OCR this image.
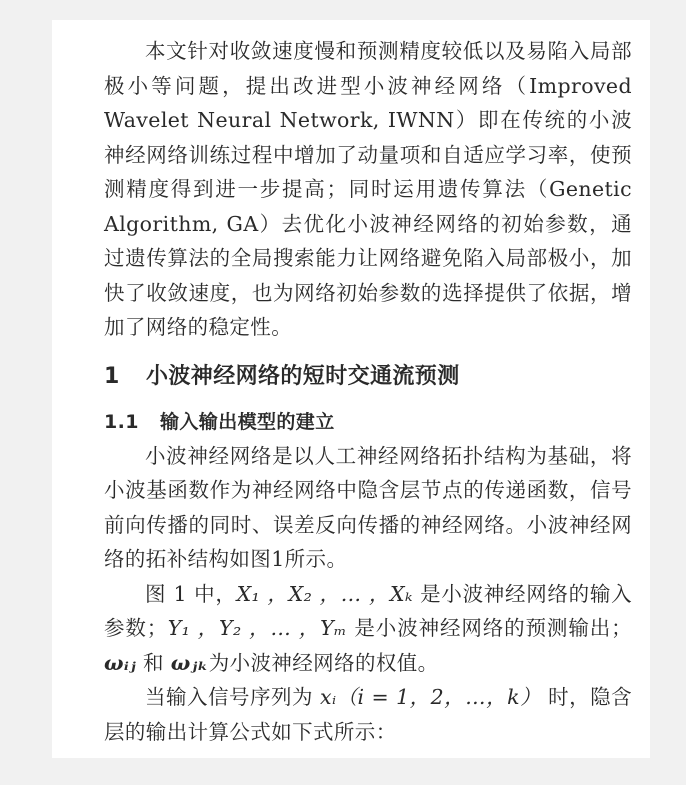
本文针对收敛速度慢和预测精度较低以及易陷入局部极小等问题，提出改进型小波神经网络（Improved Wavelet Neural Network, IWNN）即在传统的小波神经网络训练过程中增加了动量项和自适应学习率，使预测精度得到进一步提高；同时运用遗传算法（Genetic Algorithm, GA）去优化小波神经网络的初始参数，通过遗传算法的全局搜索能力让网络避免陷入局部极小，加快了收敛速度，也为网络初始参数的选择提供了依据，增加了网络的稳定性。

1 小波神经网络的短时交通流预测
1.1 输入输出模型的建立

小波神经网络是以人工神经网络拓扑结构为基础，将小波基函数作为神经网络中隐含层节点的传递函数，信号前向传播的同时、误差反向传播的神经网络。小波神经网络的拓补结构如图1所示。

图 1 中，X₁ ，X₂ ，… ，Xₖ 是小波神经网络的输入参数；Y₁ ，Y₂ ，… ，Yₘ 是小波神经网络的预测输出；ωᵢⱼ 和 ωⱼₖ为小波神经网络的权值。

当输入信号序列为 xᵢ（i = 1，2，…，k） 时，隐含层的输出计算公式如下式所示：
